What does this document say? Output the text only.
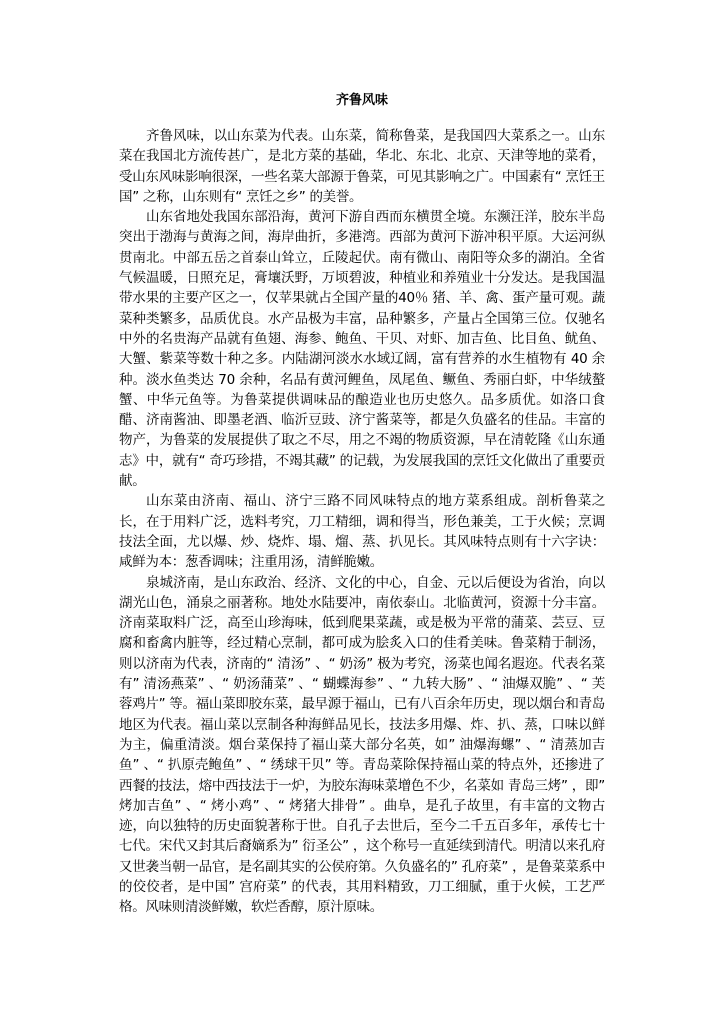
齐鲁风味

齐鲁风味，以山东菜为代表。山东菜，简称鲁菜，是我国四大菜系之一。山东菜在我国北方流传甚广，是北方菜的基础，华北、东北、北京、天津等地的菜肴，受山东风味影响很深，一些名菜大部源于鲁菜，可见其影响之广。中国素有“ 烹饪王国” 之称，山东则有“ 烹饪之乡” 的美誉。

山东省地处我国东部沿海，黄河下游自西而东横贯全境。东濒汪洋，胶东半岛突出于渤海与黄海之间，海岸曲折，多港湾。西部为黄河下游冲积平原。大运河纵贯南北。中部五岳之首泰山耸立，丘陵起伏。南有微山、南阳等众多的湖泊。全省气候温暖，日照充足，膏壤沃野，万顷碧波，种植业和养殖业十分发达。是我国温带水果的主要产区之一，仅苹果就占全国产量的40％ 猪、羊、禽、蛋产量可观。蔬菜种类繁多，品质优良。水产品极为丰富，品种繁多，产量占全国第三位。仅驰名中外的名贵海产品就有鱼翅、海参、鲍鱼、干贝、对虾、加吉鱼、比目鱼、鱿鱼、大蟹、紫菜等数十种之多。内陆湖河淡水水域辽阔，富有营养的水生植物有 40 余种。淡水鱼类达 70 余种，名品有黄河鲤鱼，凤尾鱼、鳜鱼、秀丽白虾，中华绒螯蟹、中华元鱼等。为鲁菜提供调味品的酿造业也历史悠久。品多质优。如洛口食醋、济南酱油、即墨老酒、临沂豆豉、济宁酱菜等，都是久负盛名的佳品。丰富的物产，为鲁菜的发展提供了取之不尽，用之不竭的物质资源，早在清乾隆《山东通志》中，就有“ 奇巧珍措，不竭其藏” 的记载，为发展我国的烹饪文化做出了重要贡献。

山东菜由济南、福山、济宁三路不同风味特点的地方菜系组成。剖析鲁菜之长，在于用料广泛，选料考究，刀工精细，调和得当，形色兼美，工于火候；烹调技法全面，尤以爆、炒、烧炸、塌、熘、蒸、扒见长。其风味特点则有十六字诀：咸鲜为本：葱香调味；注重用汤，清鲜脆嫩。

泉城济南，是山东政治、经济、文化的中心，自金、元以后便设为省治，向以湖光山色，涌泉之丽著称。地处水陆要冲，南依泰山。北临黄河，资源十分丰富。济南菜取料广泛，高至山珍海味，低到爬果菜蔬，或是极为平常的蒲菜、芸豆、豆腐和畜禽内脏等，经过精心烹制，都可成为脍炙入口的佳肴美味。鲁菜精于制汤，则以济南为代表，济南的“ 清汤” 、“ 奶汤” 极为考究，汤菜也闻名遐迩。代表名菜有” 清汤燕菜” 、“ 奶汤蒲菜” 、“ 蝴蝶海参” 、“ 九转大肠” 、“ 油爆双脆” 、“ 芙蓉鸡片” 等。福山菜即胶东菜，最早源于福山，已有八百余年历史，现以烟台和青岛地区为代表。福山菜以烹制各种海鲜品见长，技法多用爆、炸、扒、蒸，口味以鲜为主，偏重清淡。烟台菜保持了福山菜大部分名英，如” 油爆海螺” 、“ 清蒸加吉鱼” 、“ 扒原壳鲍鱼” 、“ 绣球干贝” 等。青岛菜除保持福山菜的特点外，还掺进了西餐的技法，熔中西技法于一炉，为胶东海味菜增色不少，名菜如 青岛三烤” ，即” 烤加吉鱼” 、“ 烤小鸡” 、“ 烤猪大排骨” 。曲阜，是孔子故里，有丰富的文物古迹，向以独特的历史面貌著称于世。自孔子去世后，至今二千五百多年，承传七十七代。宋代又封其后裔嫡系为” 衍圣公” ，这个称号一直延续到清代。明清以来孔府又世袭当朝一品官，是名副其实的公侯府第。久负盛名的” 孔府菜” ，是鲁菜菜系中的佼佼者，是中国” 宫府菜” 的代表，其用料精致，刀工细腻，重于火候，工艺严格。风味则清淡鲜嫩，软烂香醇，原汁原味。
